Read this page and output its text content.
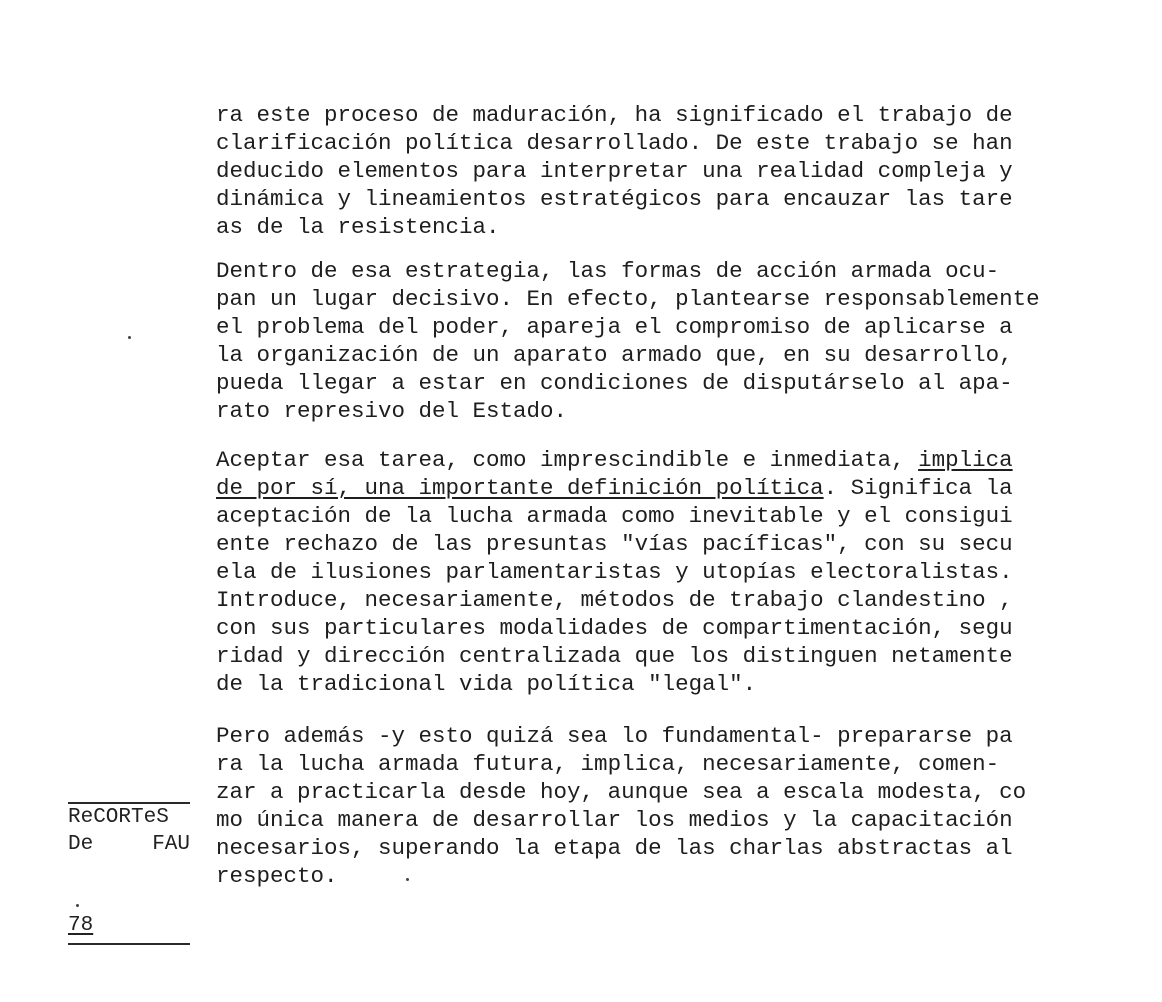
ra este proceso de maduración, ha significado el trabajo de
clarificación política desarrollado. De este trabajo se han
deducido elementos para interpretar una realidad compleja y
dinámica y lineamientos estratégicos para encauzar las tare
as de la resistencia.
Dentro de esa estrategia, las formas de acción armada ocu-
pan un lugar decisivo. En efecto, plantearse responsablemente
el problema del poder, apareja el compromiso de aplicarse a
la organización de un aparato armado que, en su desarrollo,
pueda llegar a estar en condiciones de disputárselo al apa-
rato represivo del Estado.
Aceptar esa tarea, como imprescindible e inmediata, implica
de por sí, una importante definición política. Significa la
aceptación de la lucha armada como inevitable y el consigui
ente rechazo de las presuntas "vías pacíficas", con su secu
ela de ilusiones parlamentaristas y utopías electoralistas.
Introduce, necesariamente, métodos de trabajo clandestino ,
con sus particulares modalidades de compartimentación, segu
ridad y dirección centralizada que los distinguen netamente
de la tradicional vida política "legal".
Pero además -y esto quizá sea lo fundamental- prepararse pa
ra la lucha armada futura, implica, necesariamente, comen-
zar a practicarla desde hoy, aunque sea a escala modesta, co
mo única manera de desarrollar los medios y la capacitación
necesarios, superando la etapa de las charlas abstractas al
respecto.
ReCORTeS
De	FAU

78
